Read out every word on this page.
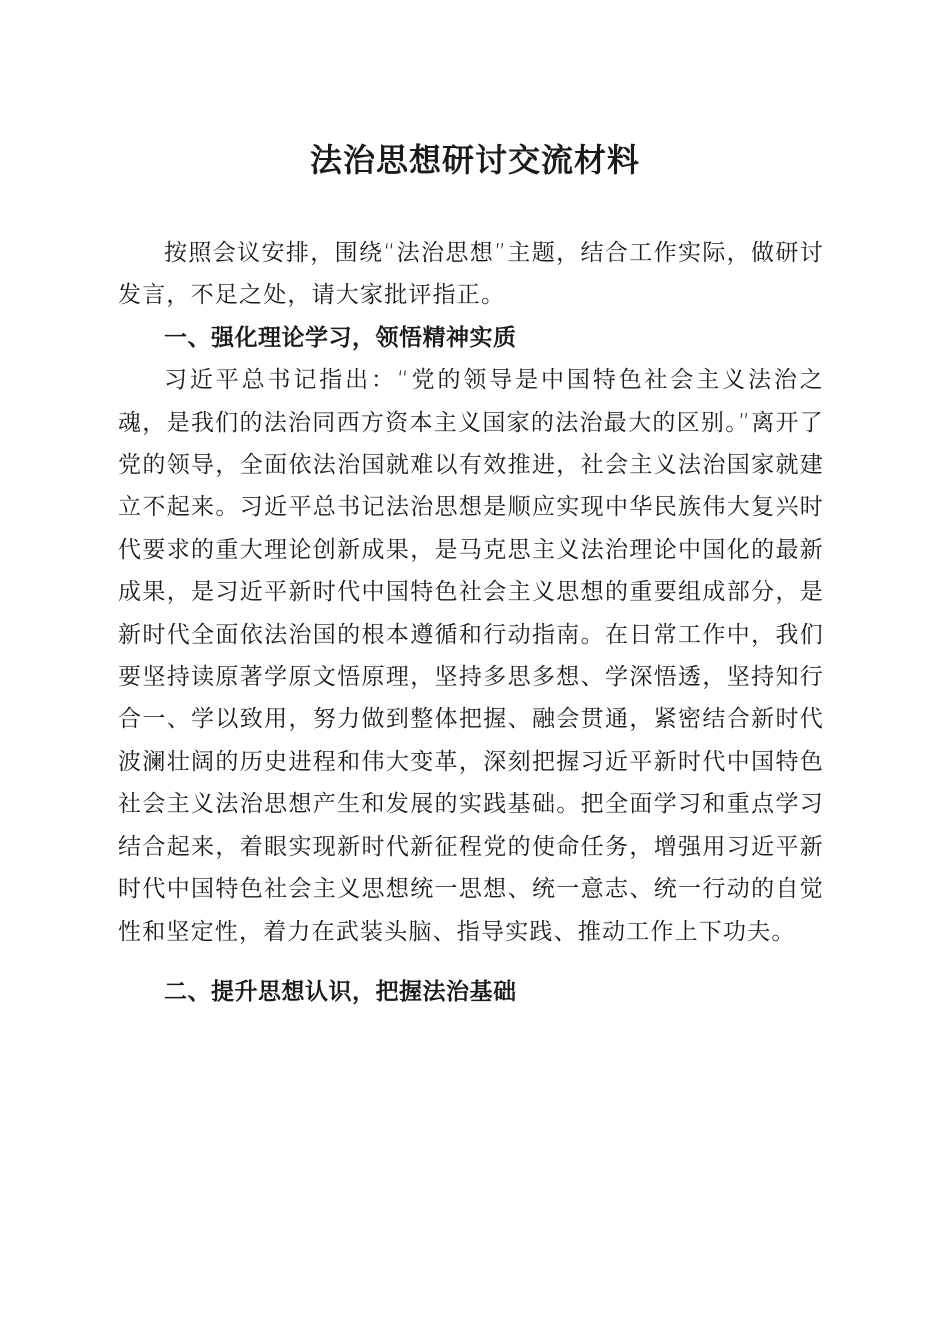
法治思想研讨交流材料

按照会议安排，围绕“法治思想”主题，结合工作实际，做研讨发言，不足之处，请大家批评指正。

一、强化理论学习，领悟精神实质

习近平总书记指出：“党的领导是中国特色社会主义法治之魂，是我们的法治同西方资本主义国家的法治最大的区别。”离开了党的领导，全面依法治国就难以有效推进，社会主义法治国家就建立不起来。习近平总书记法治思想是顺应实现中华民族伟大复兴时代要求的重大理论创新成果，是马克思主义法治理论中国化的最新成果，是习近平新时代中国特色社会主义思想的重要组成部分，是新时代全面依法治国的根本遵循和行动指南。在日常工作中，我们要坚持读原著学原文悟原理，坚持多思多想、学深悟透，坚持知行合一、学以致用，努力做到整体把握、融会贯通，紧密结合新时代波澜壮阔的历史进程和伟大变革，深刻把握习近平新时代中国特色社会主义法治思想产生和发展的实践基础。把全面学习和重点学习结合起来，着眼实现新时代新征程党的使命任务，增强用习近平新时代中国特色社会主义思想统一思想、统一意志、统一行动的自觉性和坚定性，着力在武装头脑、指导实践、推动工作上下功夫。

二、提升思想认识，把握法治基础
